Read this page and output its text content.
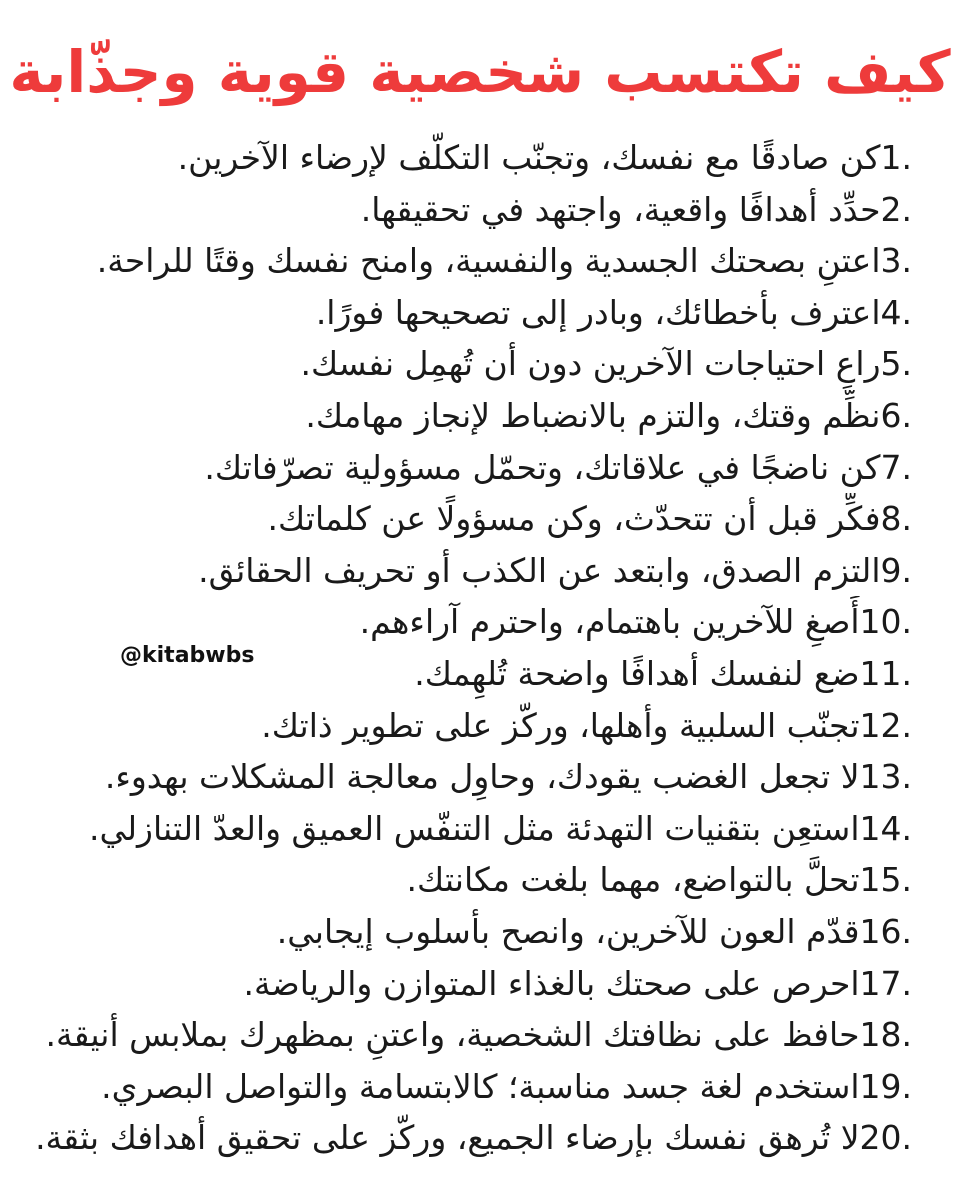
كيف تكتسب شخصية قوية وجذّابة
كن صادقًا مع نفسك، وتجنّب التكلّف لإرضاء الآخرين.1.
حدِّد أهدافًا واقعية، واجتهد في تحقيقها.2.
اعتنِ بصحتك الجسدية والنفسية، وامنح نفسك وقتًا للراحة.3.
اعترف بأخطائك، وبادر إلى تصحيحها فورًا.4.
راعِ احتياجات الآخرين دون أن تُهمِل نفسك.5.
نظِّم وقتك، والتزم بالانضباط لإنجاز مهامك.6.
كن ناضجًا في علاقاتك، وتحمّل مسؤولية تصرّفاتك.7.
فكِّر قبل أن تتحدّث، وكن مسؤولًا عن كلماتك.8.
التزم الصدق، وابتعد عن الكذب أو تحريف الحقائق.9.
أَصغِ للآخرين باهتمام، واحترم آراءهم.10.
ضع لنفسك أهدافًا واضحة تُلهِمك.11.
تجنّب السلبية وأهلها، وركّز على تطوير ذاتك.12.
لا تجعل الغضب يقودك، وحاوِل معالجة المشكلات بهدوء.13.
استعِن بتقنيات التهدئة مثل التنفّس العميق والعدّ التنازلي.14.
تحلَّ بالتواضع، مهما بلغت مكانتك.15.
قدّم العون للآخرين، وانصح بأسلوب إيجابي.16.
احرص على صحتك بالغذاء المتوازن والرياضة.17.
حافظ على نظافتك الشخصية، واعتنِ بمظهرك بملابس أنيقة.18.
استخدم لغة جسد مناسبة؛ كالابتسامة والتواصل البصري.19.
لا تُرهق نفسك بإرضاء الجميع، وركّز على تحقيق أهدافك بثقة.20.
@kitabwbs
